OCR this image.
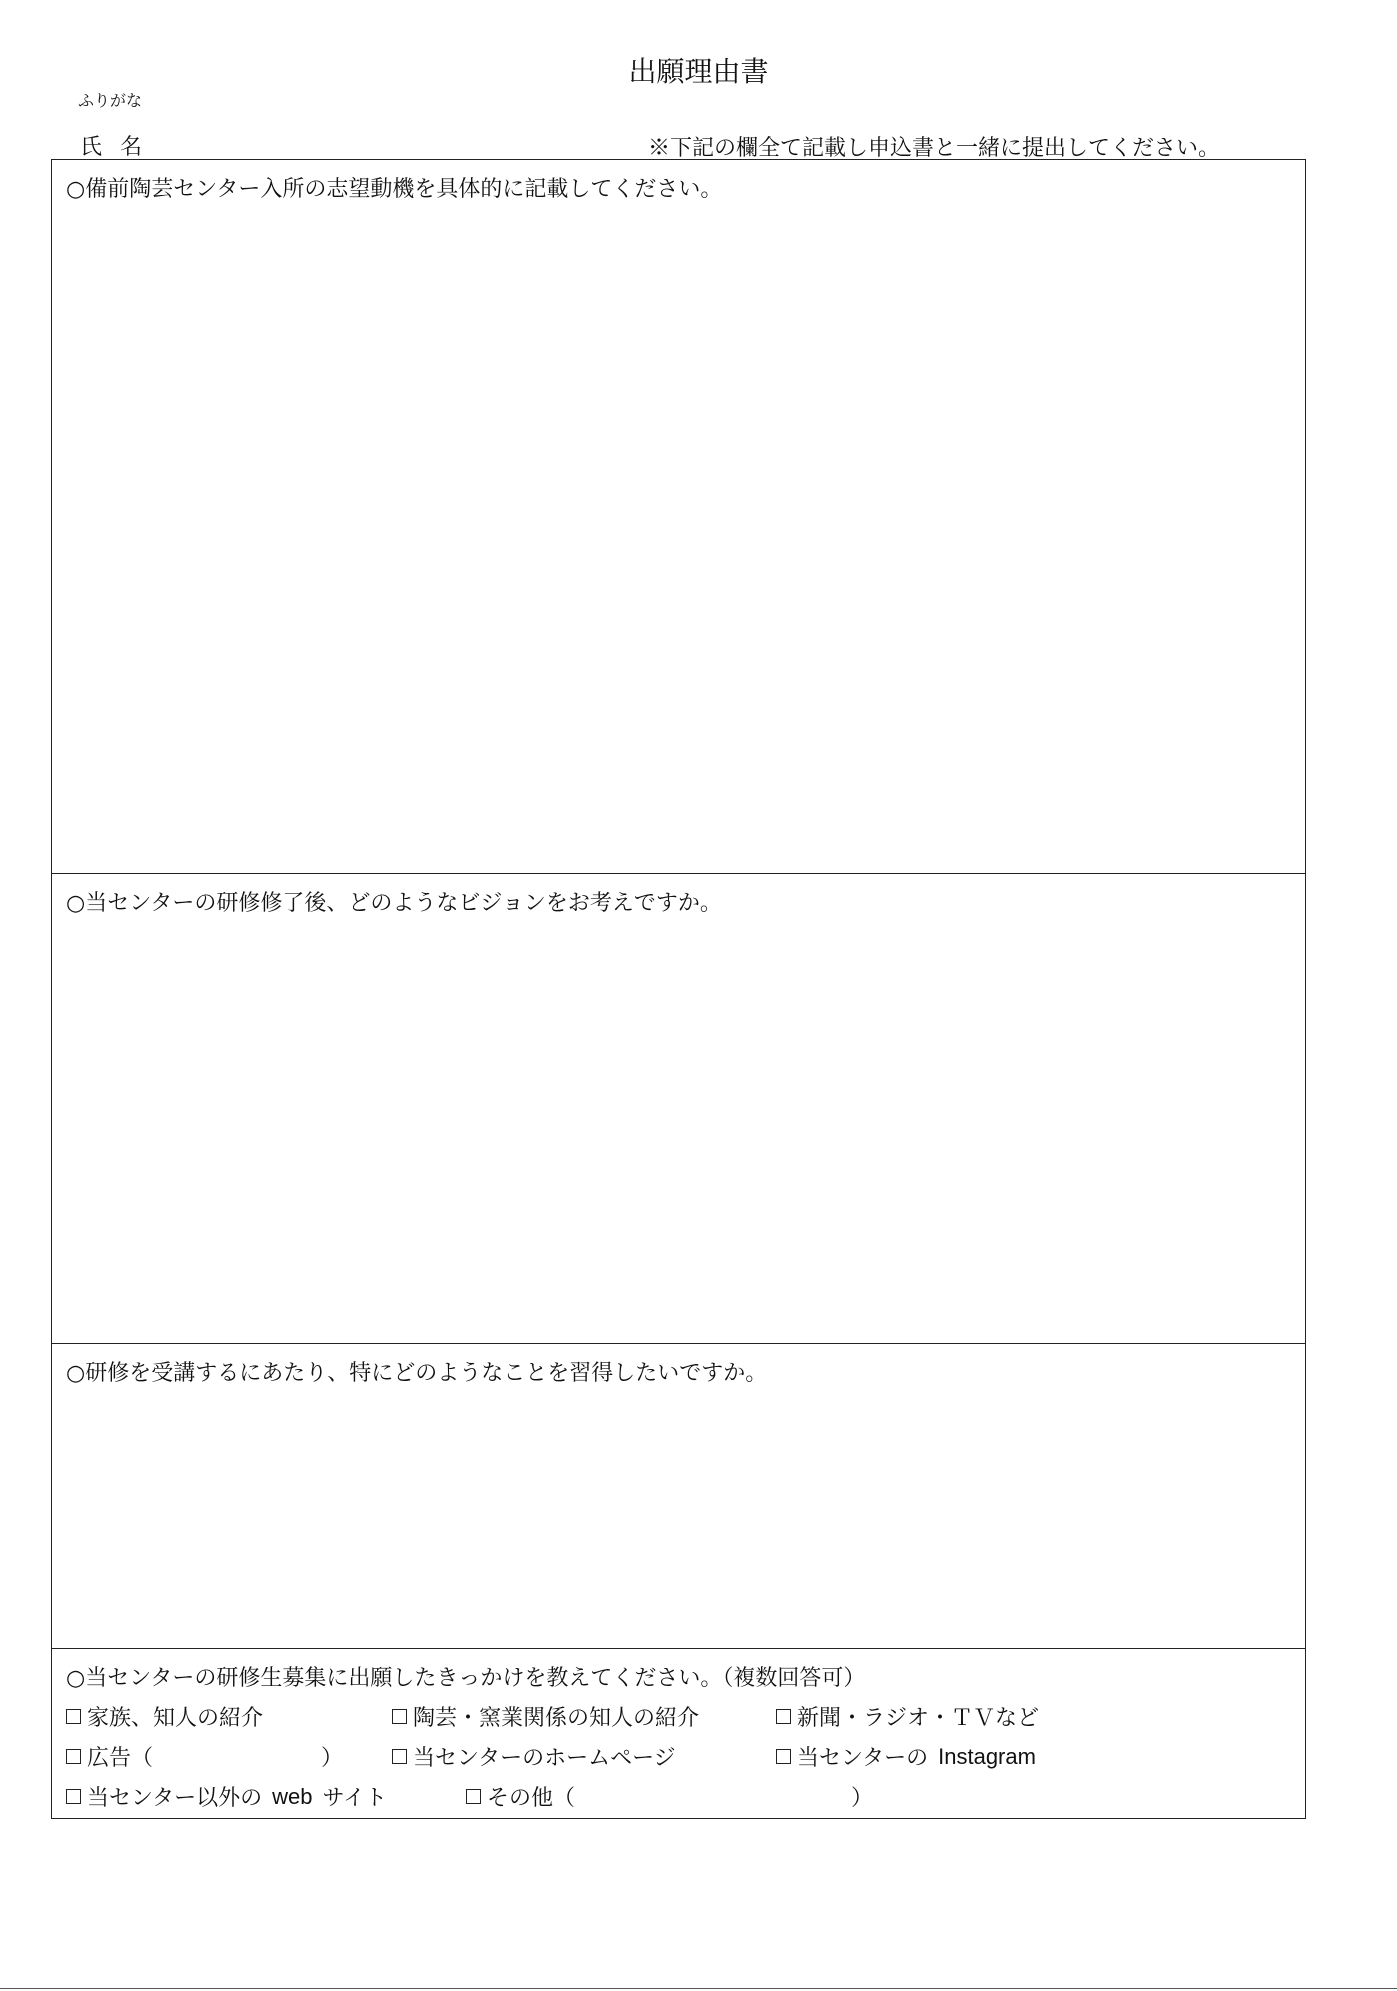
出願理由書
ふりがな
氏名	※下記の欄全て記載し申込書と一緒に提出してください。
○備前陶芸センター入所の志望動機を具体的に記載してください。
○当センターの研修修了後、どのようなビジョンをお考えですか。
○研修を受講するにあたり、特にどのようなことを習得したいですか。
○当センターの研修生募集に出願したきっかけを教えてください。（複数回答可）
家族、知人の紹介	陶芸・窯業関係の知人の紹介	新聞・ラジオ・ＴＶなど
広告（	）	当センターのホームページ	当センターの Instagram
当センター以外の web サイト	その他（	）
